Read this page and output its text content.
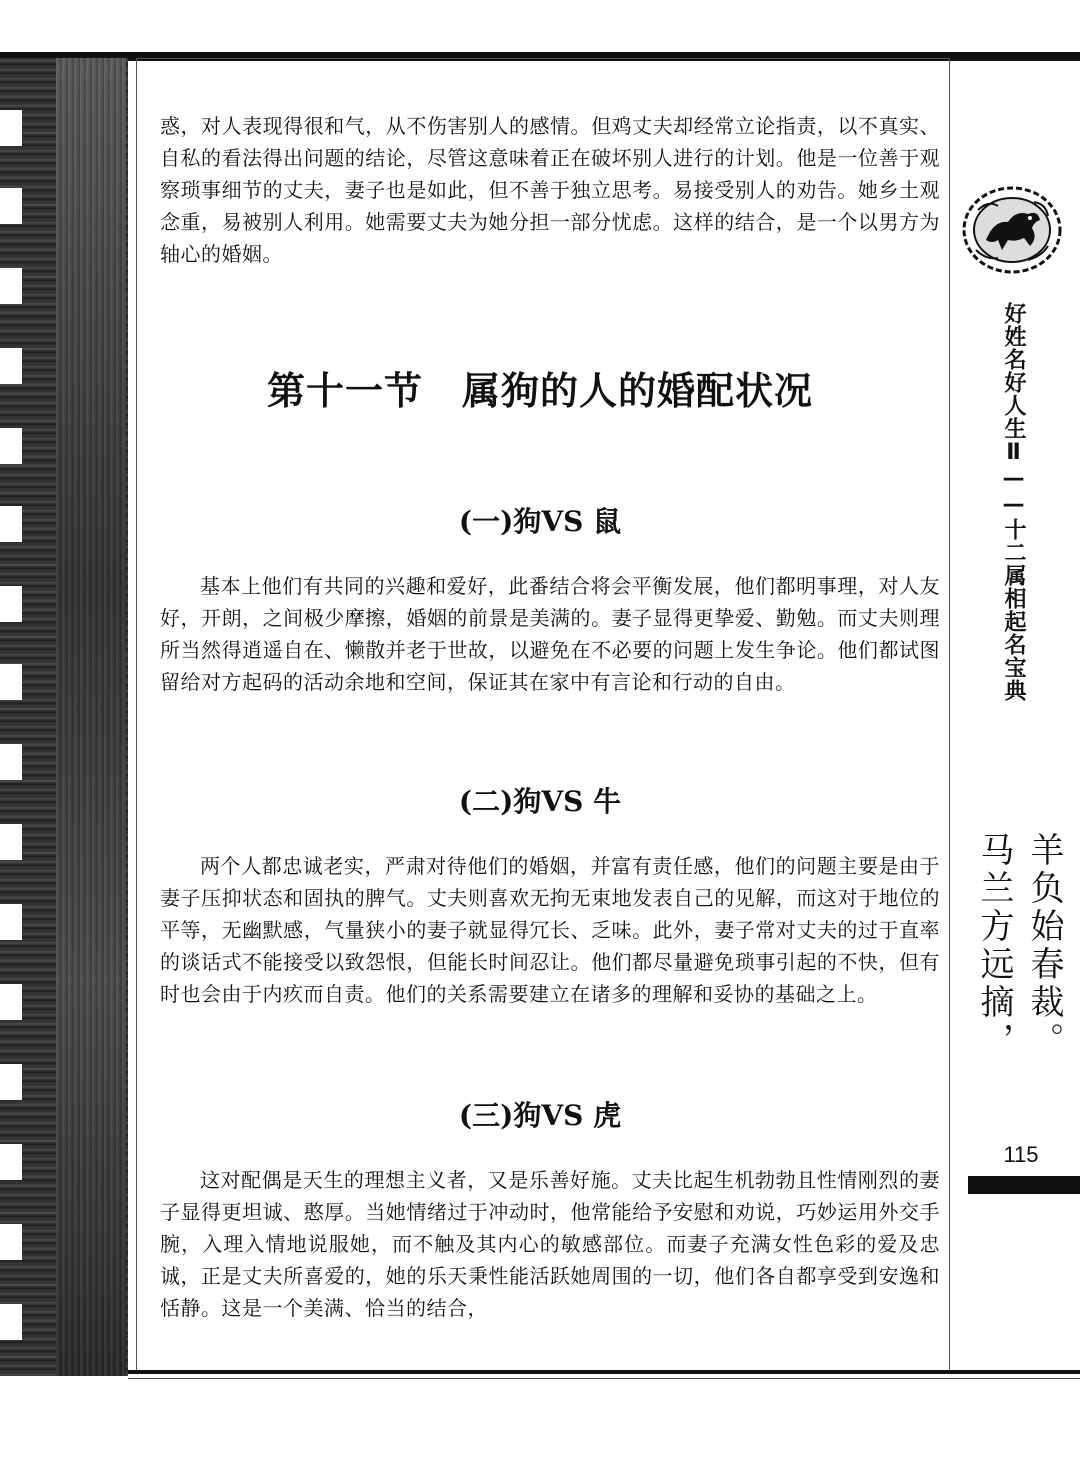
惑，对人表现得很和气，从不伤害别人的感情。但鸡丈夫却经常立论指责，以不真实、自私的看法得出问题的结论，尽管这意味着正在破坏别人进行的计划。他是一位善于观察琐事细节的丈夫，妻子也是如此，但不善于独立思考。易接受别人的劝告。她乡土观念重，易被别人利用。她需要丈夫为她分担一部分忧虑。这样的结合，是一个以男方为轴心的婚姻。

第十一节　属狗的人的婚配状况
(一)狗VS 鼠

基本上他们有共同的兴趣和爱好，此番结合将会平衡发展，他们都明事理，对人友好，开朗，之间极少摩擦，婚姻的前景是美满的。妻子显得更挚爱、勤勉。而丈夫则理所当然得逍遥自在、懒散并老于世故，以避免在不必要的问题上发生争论。他们都试图留给对方起码的活动余地和空间，保证其在家中有言论和行动的自由。

(二)狗VS 牛

两个人都忠诚老实，严肃对待他们的婚姻，并富有责任感，他们的问题主要是由于妻子压抑状态和固执的脾气。丈夫则喜欢无拘无束地发表自己的见解，而这对于地位的平等，无幽默感，气量狭小的妻子就显得冗长、乏味。此外，妻子常对丈夫的过于直率的谈话式不能接受以致怨恨，但能长时间忍让。他们都尽量避免琐事引起的不快，但有时也会由于内疚而自责。他们的关系需要建立在诸多的理解和妥协的基础之上。

(三)狗VS 虎

这对配偶是天生的理想主义者，又是乐善好施。丈夫比起生机勃勃且性情刚烈的妻子显得更坦诚、憨厚。当她情绪过于冲动时，他常能给予安慰和劝说，巧妙运用外交手腕，入理入情地说服她，而不触及其内心的敏感部位。而妻子充满女性色彩的爱及忠诚，正是丈夫所喜爱的，她的乐天秉性能活跃她周围的一切，他们各自都享受到安逸和恬静。这是一个美满、恰当的结合，

好姓名好人生Ⅱ——十二属相起名宝典
羊负始春裁。
马兰方远摘，
115
